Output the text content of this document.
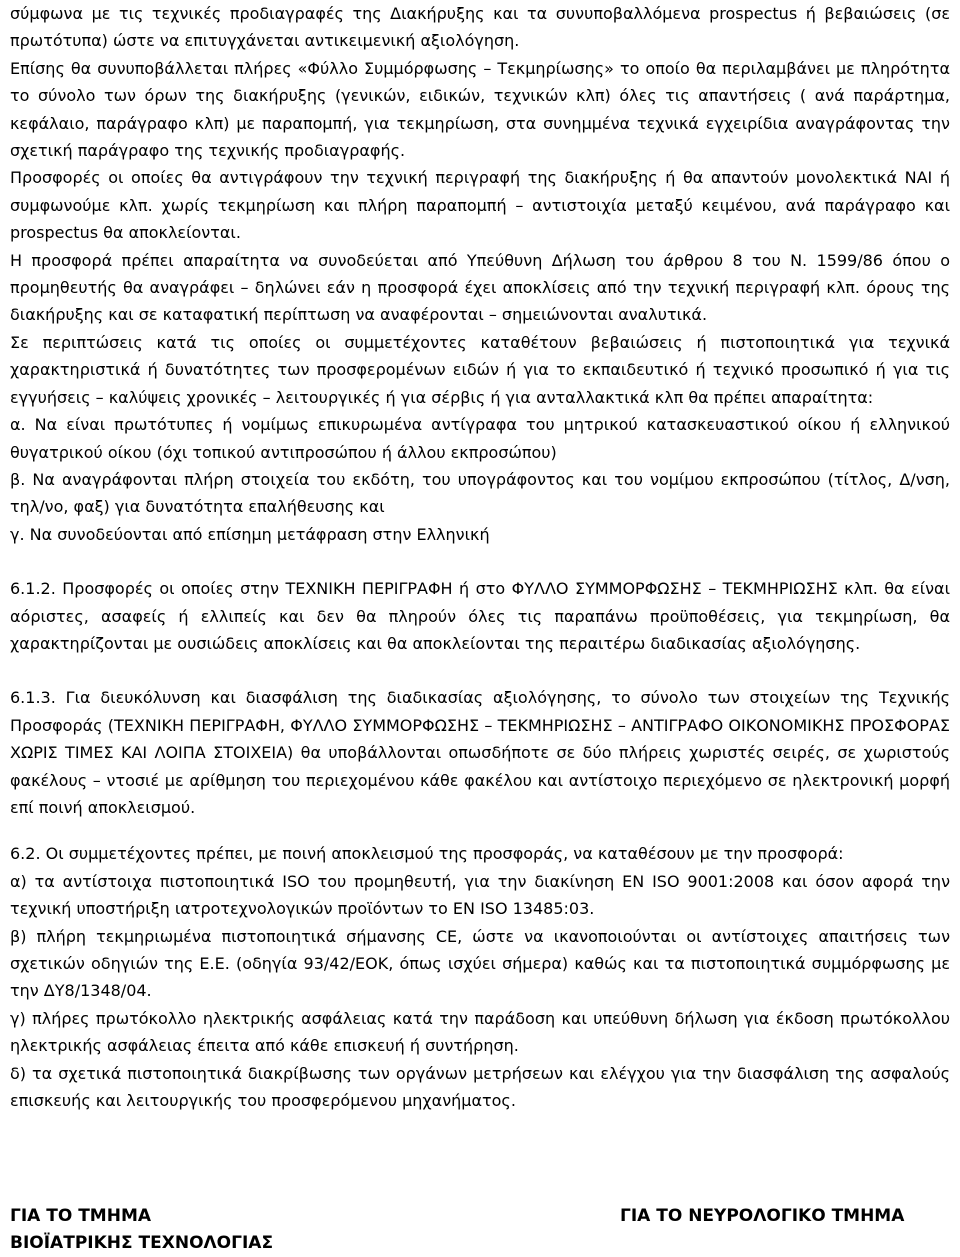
σύμφωνα με τις τεχνικές προδιαγραφές της Διακήρυξης και τα συνυποβαλλόμενα prospectus ή βεβαιώσεις (σε πρωτότυπα) ώστε να επιτυγχάνεται αντικειμενική αξιολόγηση.

Επίσης θα συνυποβάλλεται πλήρες «Φύλλο Συμμόρφωσης – Τεκμηρίωσης» το οποίο θα περιλαμβάνει με πληρότητα το σύνολο των όρων της διακήρυξης (γενικών, ειδικών, τεχνικών κλπ) όλες τις απαντήσεις ( ανά παράρτημα, κεφάλαιο, παράγραφο κλπ) με παραπομπή, για τεκμηρίωση, στα συνημμένα τεχνικά εγχειρίδια αναγράφοντας την σχετική παράγραφο της τεχνικής προδιαγραφής.

Προσφορές οι οποίες θα αντιγράφουν την τεχνική περιγραφή της διακήρυξης ή θα απαντούν μονολεκτικά ΝΑΙ ή συμφωνούμε κλπ. χωρίς τεκμηρίωση και πλήρη παραπομπή – αντιστοιχία μεταξύ κειμένου, ανά παράγραφο και prospectus θα αποκλείονται.

Η προσφορά πρέπει απαραίτητα να συνοδεύεται από Υπεύθυνη Δήλωση του άρθρου 8 του Ν. 1599/86 όπου ο προμηθευτής θα αναγράφει – δηλώνει εάν η προσφορά έχει αποκλίσεις από την τεχνική περιγραφή κλπ. όρους της διακήρυξης και σε καταφατική περίπτωση να αναφέρονται – σημειώνονται αναλυτικά.

Σε περιπτώσεις κατά τις οποίες οι συμμετέχοντες καταθέτουν βεβαιώσεις ή πιστοποιητικά για τεχνικά χαρακτηριστικά ή δυνατότητες των προσφερομένων ειδών ή για το εκπαιδευτικό ή τεχνικό προσωπικό ή για τις εγγυήσεις – καλύψεις χρονικές – λειτουργικές ή για σέρβις ή για ανταλλακτικά κλπ θα πρέπει απαραίτητα:

α. Να είναι πρωτότυπες ή νομίμως επικυρωμένα αντίγραφα του μητρικού κατασκευαστικού οίκου ή ελληνικού θυγατρικού οίκου (όχι τοπικού αντιπροσώπου ή άλλου εκπροσώπου)

β. Να αναγράφονται πλήρη στοιχεία του εκδότη, του υπογράφοντος και του νομίμου εκπροσώπου (τίτλος, Δ/νση, τηλ/νο, φαξ) για δυνατότητα επαλήθευσης και

γ. Να συνοδεύονται από επίσημη μετάφραση στην Ελληνική

6.1.2. Προσφορές οι οποίες στην ΤΕΧΝΙΚΗ ΠΕΡΙΓΡΑΦΗ ή στο ΦΥΛΛΟ ΣΥΜΜΟΡΦΩΣΗΣ – ΤΕΚΜΗΡΙΩΣΗΣ κλπ. θα είναι αόριστες, ασαφείς ή ελλιπείς και δεν θα πληρούν όλες τις παραπάνω προϋποθέσεις, για τεκμηρίωση, θα χαρακτηρίζονται με ουσιώδεις αποκλίσεις και θα αποκλείονται της περαιτέρω διαδικασίας αξιολόγησης.

6.1.3. Για διευκόλυνση και διασφάλιση της διαδικασίας αξιολόγησης, το σύνολο των στοιχείων της Τεχνικής Προσφοράς (ΤΕΧΝΙΚΗ ΠΕΡΙΓΡΑΦΗ, ΦΥΛΛΟ ΣΥΜΜΟΡΦΩΣΗΣ – ΤΕΚΜΗΡΙΩΣΗΣ – ΑΝΤΙΓΡΑΦΟ ΟΙΚΟΝΟΜΙΚΗΣ ΠΡΟΣΦΟΡΑΣ ΧΩΡΙΣ ΤΙΜΕΣ ΚΑΙ ΛΟΙΠΑ ΣΤΟΙΧΕΙΑ) θα υποβάλλονται οπωσδήποτε σε δύο πλήρεις χωριστές σειρές, σε χωριστούς φακέλους – ντοσιέ με αρίθμηση του περιεχομένου κάθε φακέλου και αντίστοιχο περιεχόμενο σε ηλεκτρονική μορφή επί ποινή αποκλεισμού.

6.2. Οι συμμετέχοντες πρέπει, με ποινή αποκλεισμού της προσφοράς, να καταθέσουν με την προσφορά:

α) τα αντίστοιχα πιστοποιητικά ISO του προμηθευτή, για την διακίνηση ΕΝ ISO 9001:2008 και όσον αφορά την τεχνική υποστήριξη ιατροτεχνολογικών προϊόντων το ΕΝ ISO 13485:03.

β) πλήρη τεκμηριωμένα πιστοποιητικά σήμανσης CE, ώστε να ικανοποιούνται οι αντίστοιχες απαιτήσεις των σχετικών οδηγιών της Ε.Ε. (οδηγία 93/42/ΕΟΚ, όπως ισχύει σήμερα) καθώς και τα πιστοποιητικά συμμόρφωσης με την ΔΥ8/1348/04.

γ) πλήρες πρωτόκολλο ηλεκτρικής ασφάλειας κατά την παράδοση και υπεύθυνη δήλωση για έκδοση πρωτόκολλου ηλεκτρικής ασφάλειας έπειτα από κάθε επισκευή ή συντήρηση.

δ) τα σχετικά πιστοποιητικά διακρίβωσης των οργάνων μετρήσεων και ελέγχου για την διασφάλιση της ασφαλούς επισκευής και λειτουργικής του προσφερόμενου μηχανήματος.

ΓΙΑ ΤΟ ΤΜΗΜΑ
ΒΙΟΪΑΤΡΙΚΗΣ ΤΕΧΝΟΛΟΓΙΑΣ
ΓΙΑ ΤΟ ΝΕΥΡΟΛΟΓΙΚΟ ΤΜΗΜΑ
